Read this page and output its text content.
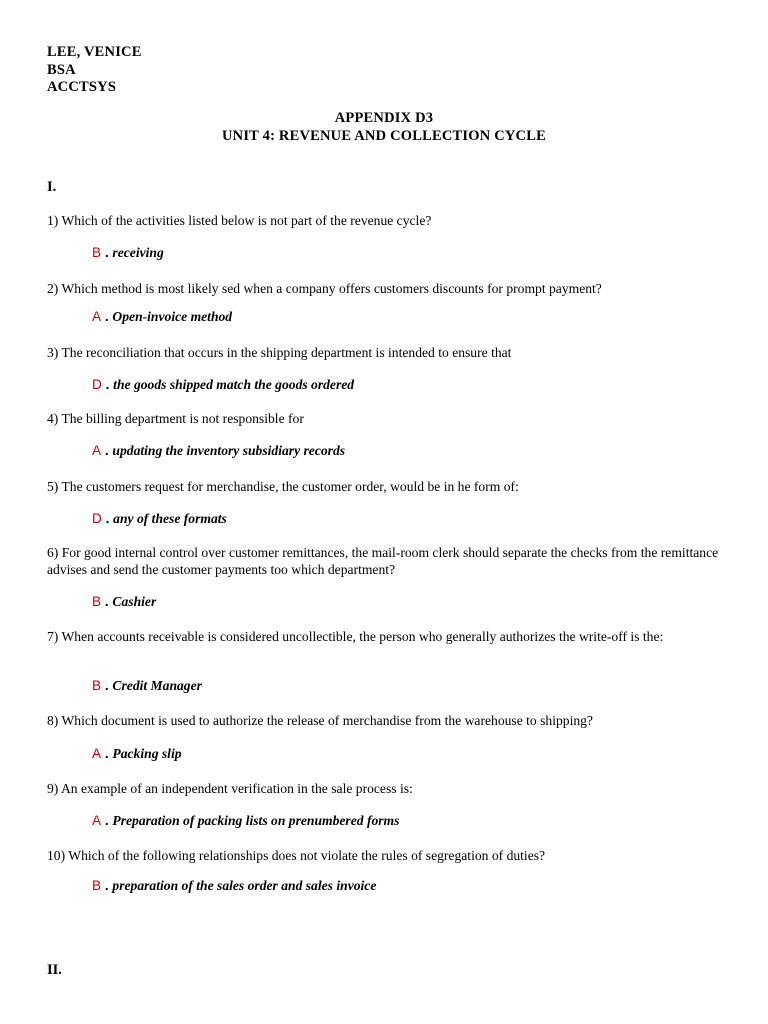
LEE, VENICE
BSA
ACCTSYS
APPENDIX D3
UNIT 4: REVENUE AND COLLECTION CYCLE
I.
1) Which of the activities listed below is not part of the revenue cycle?
B . receiving
2) Which method is most likely sed when a company offers customers discounts for prompt payment?
A . Open-invoice method
3) The reconciliation that occurs in the shipping department is intended to ensure that
D . the goods shipped match the goods ordered
4) The billing department is not responsible for
A . updating the inventory subsidiary records
5) The customers request for merchandise, the customer order, would be in he form of:
D . any of these formats
6) For good internal control over customer remittances, the mail-room clerk should separate the checks from the remittance advises and send the customer payments too which department?
B . Cashier
7) When accounts receivable is considered uncollectible, the person who generally authorizes the write-off is the:
B . Credit Manager
8) Which document is used to authorize the release of merchandise from the warehouse to shipping?
A . Packing slip
9) An example of an independent verification in the sale process is:
A . Preparation of packing lists on prenumbered forms
10) Which of the following relationships does not violate the rules of segregation of duties?
B . preparation of the sales order and sales invoice
II.
